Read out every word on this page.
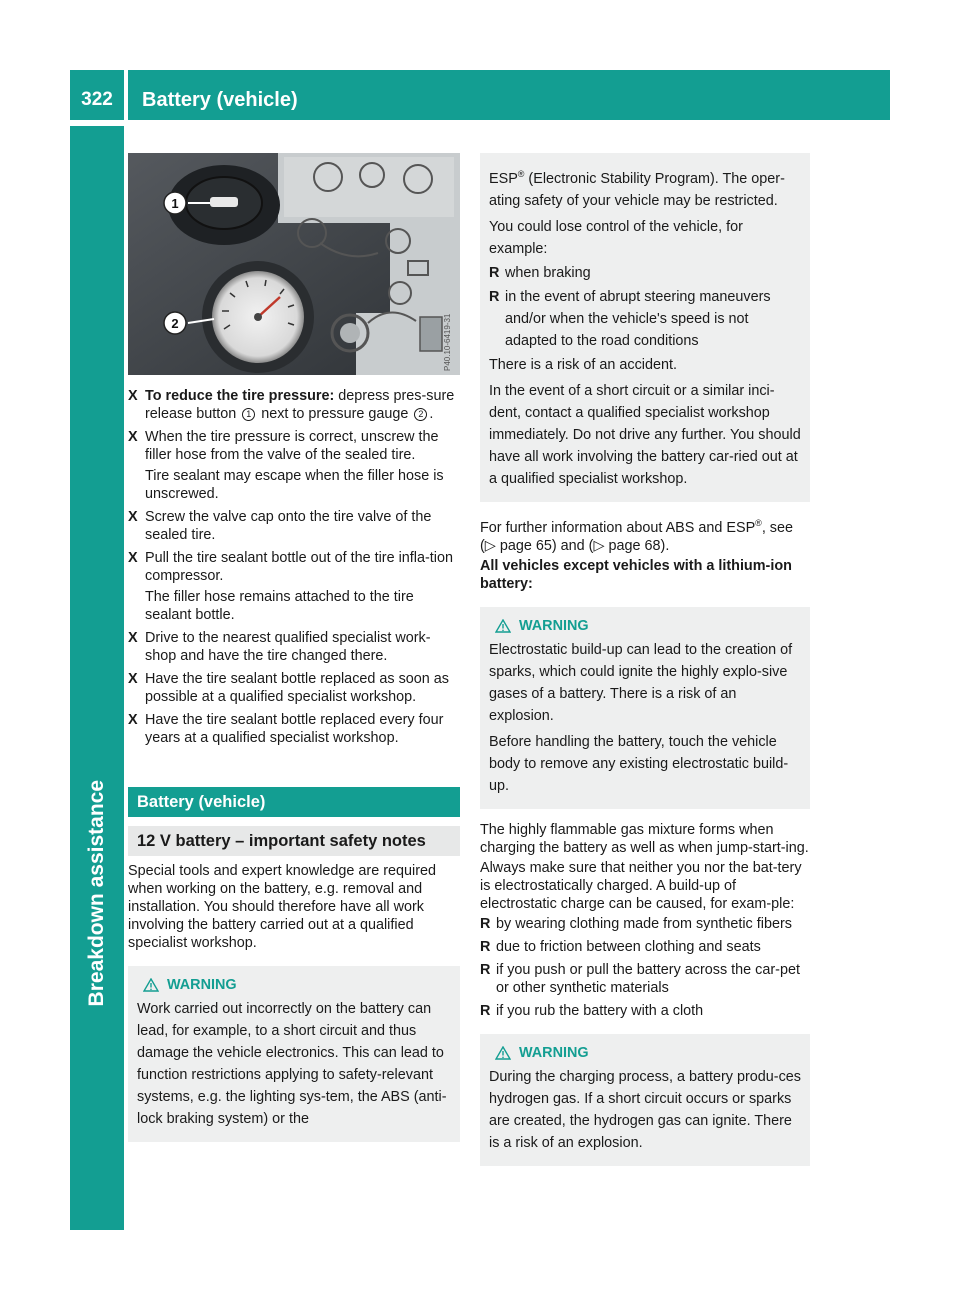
322	Battery (vehicle)
Breakdown assistance
1
2	P40.10-6419-31
X To reduce the tire pressure: depress pres-sure release button 1 next to pressure gauge 2 .

X When the tire pressure is correct, unscrew the filler hose from the valve of the sealed tire.

Tire sealant may escape when the filler hose is unscrewed.

X Screw the valve cap onto the tire valve of the sealed tire.

X Pull the tire sealant bottle out of the tire infla-tion compressor.

The filler hose remains attached to the tire sealant bottle.

X Drive to the nearest qualified specialist work-shop and have the tire changed there.

X Have the tire sealant bottle replaced as soon as possible at a qualified specialist workshop.

X Have the tire sealant bottle replaced every four years at a qualified specialist workshop.

Battery (vehicle)
12 V battery – important safety notes

Special tools and expert knowledge are required when working on the battery, e.g. removal and installation. You should therefore have all work involving the battery carried out at a qualified specialist workshop.

WARNING

Work carried out incorrectly on the battery can lead, for example, to a short circuit and thus damage the vehicle electronics. This can lead to function restrictions applying to safety-relevant systems, e.g. the lighting sys-tem, the ABS (anti-lock braking system) or the

ESP® (Electronic Stability Program). The oper-ating safety of your vehicle may be restricted.

You could lose control of the vehicle, for example:

R when braking
R in the event of abrupt steering maneuvers and/or when the vehicle's speed is not adapted to the road conditions

There is a risk of an accident.

In the event of a short circuit or a similar inci-dent, contact a qualified specialist workshop immediately. Do not drive any further. You should have all work involving the battery car-ried out at a qualified specialist workshop.

For further information about ABS and ESP®, see (▷ page 65) and (▷ page 68).

All vehicles except vehicles with a lithium-ion battery:

WARNING

Electrostatic build-up can lead to the creation of sparks, which could ignite the highly explo-sive gases of a battery. There is a risk of an explosion.

Before handling the battery, touch the vehicle body to remove any existing electrostatic build-up.

The highly flammable gas mixture forms when charging the battery as well as when jump-start-ing.

Always make sure that neither you nor the bat-tery is electrostatically charged. A build-up of electrostatic charge can be caused, for exam-ple:

R by wearing clothing made from synthetic fibers
R due to friction between clothing and seats
R if you push or pull the battery across the car-pet or other synthetic materials
R if you rub the battery with a cloth
WARNING

During the charging process, a battery produ-ces hydrogen gas. If a short circuit occurs or sparks are created, the hydrogen gas can ignite. There is a risk of an explosion.
